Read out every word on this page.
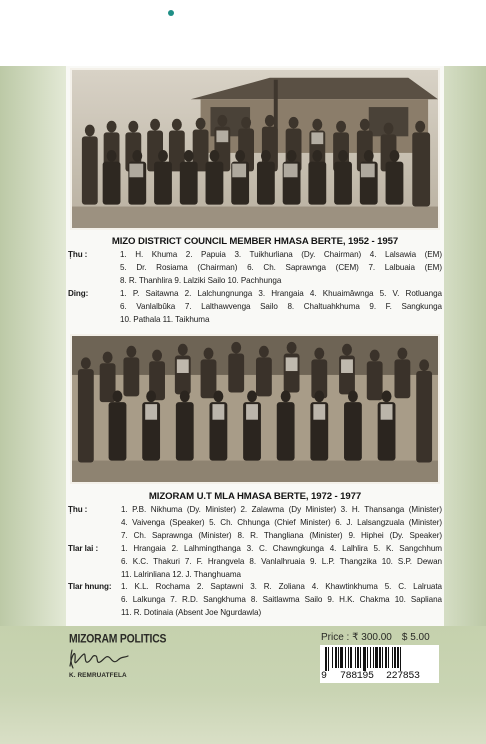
MIZO DISTRICT COUNCIL MEMBER HMASA BERTE, 1952 - 1957
Ṭhu :	1. H. Khuma 2. Papuia 3. Tuikhurliana (Dy. Chairman) 4. Lalsawia (EM)
5. Dr. Rosiama (Chairman) 6. Ch. Saprawnga (CEM) 7. Lalbuaia (EM)
8. R. Thanhlira 9. Lalziki Sailo 10. Pachhunga
Ding:	1. P. Saitawna 2. Lalchungnunga 3. Hrangaia 4. Khuaimâwnga 5. V. Rotluanga
6. Vanlalbûka 7. Lalthawvenga Sailo 8. Chaltuahkhuma 9. F. Sangkunga
10. Pathala 11. Taikhuma
MIZORAM U.T MLA HMASA BERTE, 1972 - 1977
Ṭhu :	1. P.B. Nikhuma (Dy. Minister) 2. Zalawma (Dy Minister) 3. H. Thansanga (Minister)
4. Vaivenga (Speaker) 5. Ch. Chhunga (Chief Minister) 6. J. Lalsangzuala (Minister)
7. Ch. Saprawnga (Minister) 8. R. Thangliana (Minister) 9. Hiphei (Dy. Speaker)
Tlar lai :	1. Hrangaia 2. Lalhmingthanga 3. C. Chawngkunga 4. Lalhlira 5. K. Sangchhum
6. K.C. Thakuri 7. F. Hrangvela 8. Vanlalhruaia 9. L.P. Thangzika 10. S.P. Dewan
11. Lalrinliana 12. J. Thanghuama
Tlar hnung:	1. K.L. Rochama 2. Saptawni 3. R. Zoliana 4. Khawtinkhuma 5. C. Lalruata
6. Lalkunga 7. R.D. Sangkhuma 8. Saitlawma Sailo 9. H.K. Chakma 10. Sapliana
11. R. Dotinaia (Absent Joe Ngurdawla)
MIZORAM POLITICS
K. REMRUATFELA
Price : ₹ 300.00 $ 5.00
9 788195 227853
